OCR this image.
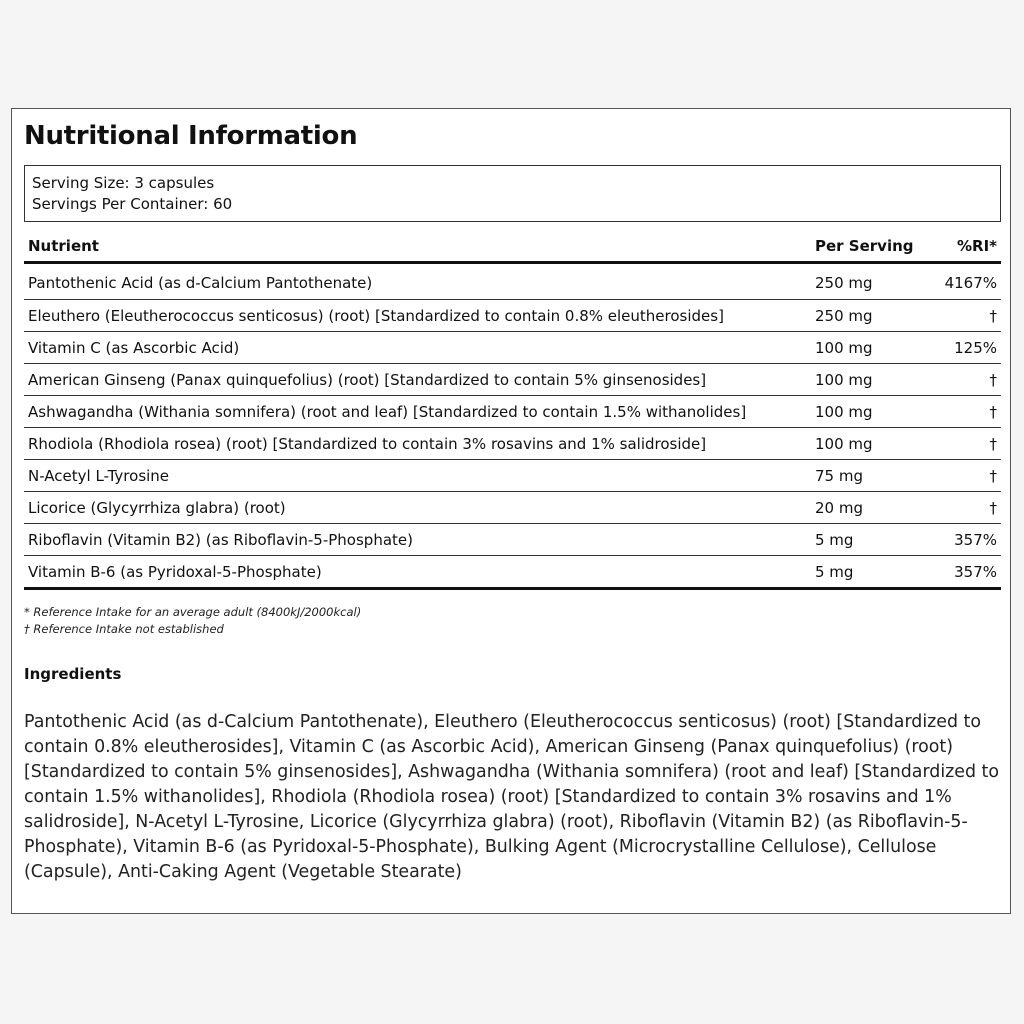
Nutritional Information
Serving Size: 3 capsules
Servings Per Container: 60
Nutrient	Per Serving	%RI*
Pantothenic Acid (as d-Calcium Pantothenate)	250 mg	4167%
Eleuthero (Eleutherococcus senticosus) (root) [Standardized to contain 0.8% eleutherosides]	250 mg	†
Vitamin C (as Ascorbic Acid)	100 mg	125%
American Ginseng (Panax quinquefolius) (root) [Standardized to contain 5% ginsenosides]	100 mg	†
Ashwagandha (Withania somnifera) (root and leaf) [Standardized to contain 1.5% withanolides]	100 mg	†
Rhodiola (Rhodiola rosea) (root) [Standardized to contain 3% rosavins and 1% salidroside]	100 mg	†
N-Acetyl L-Tyrosine	75 mg	†
Licorice (Glycyrrhiza glabra) (root)	20 mg	†
Riboflavin (Vitamin B2) (as Riboflavin-5-Phosphate)	5 mg	357%
Vitamin B-6 (as Pyridoxal-5-Phosphate)	5 mg	357%
* Reference Intake for an average adult (8400kJ/2000kcal)
† Reference Intake not established
Ingredients

Pantothenic Acid (as d-Calcium Pantothenate), Eleuthero (Eleutherococcus senticosus) (root) [Standardized to contain 0.8% eleutherosides], Vitamin C (as Ascorbic Acid), American Ginseng (Panax quinquefolius) (root) [Standardized to contain 5% ginsenosides], Ashwagandha (Withania somnifera) (root and leaf) [Standardized to contain 1.5% withanolides], Rhodiola (Rhodiola rosea) (root) [Standardized to contain 3% rosavins and 1% salidroside], N-Acetyl L-Tyrosine, Licorice (Glycyrrhiza glabra) (root), Riboflavin (Vitamin B2) (as Riboflavin-5-Phosphate), Vitamin B-6 (as Pyridoxal-5-Phosphate), Bulking Agent (Microcrystalline Cellulose), Cellulose (Capsule), Anti-Caking Agent (Vegetable Stearate)
